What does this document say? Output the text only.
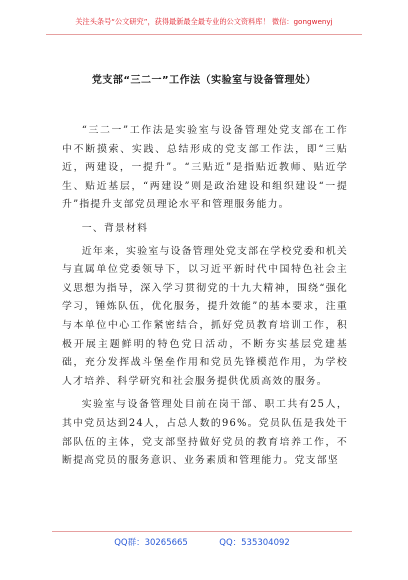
关注头条号“公文研究”，获得最新最全最专业的公文资料库！ 微信：gongwenyj
党支部“三二一”工作法（实验室与设备管理处）

“三二一”工作法是实验室与设备管理处党支部在工作中不断摸索、实践、总结形成的党支部工作法，即“三贴近，两建设，一提升”。“三贴近”是指贴近教师、贴近学生、贴近基层，“两建设”则是政治建设和组织建设“一提升”指提升支部党员理论水平和管理服务能力。

一、背景材料

近年来，实验室与设备管理处党支部在学校党委和机关与直属单位党委领导下，以习近平新时代中国特色社会主义思想为指导，深入学习贯彻党的十九大精神，围绕“强化学习，锤炼队伍，优化服务，提升效能”的基本要求，注重与本单位中心工作紧密结合，抓好党员教育培训工作，积极开展主题鲜明的特色党日活动，不断夯实基层党建基础，充分发挥战斗堡垒作用和党员先锋模范作用，为学校人才培养、科学研究和社会服务提供优质高效的服务。

实验室与设备管理处目前在岗干部、职工共有25人，其中党员达到24人，占总人数的96%。党员队伍是我处干部队伍的主体，党支部坚持做好党员的教育培养工作，不断提高党员的服务意识、业务素质和管理能力。党支部坚

QQ群：30265665	QQ：535304092
